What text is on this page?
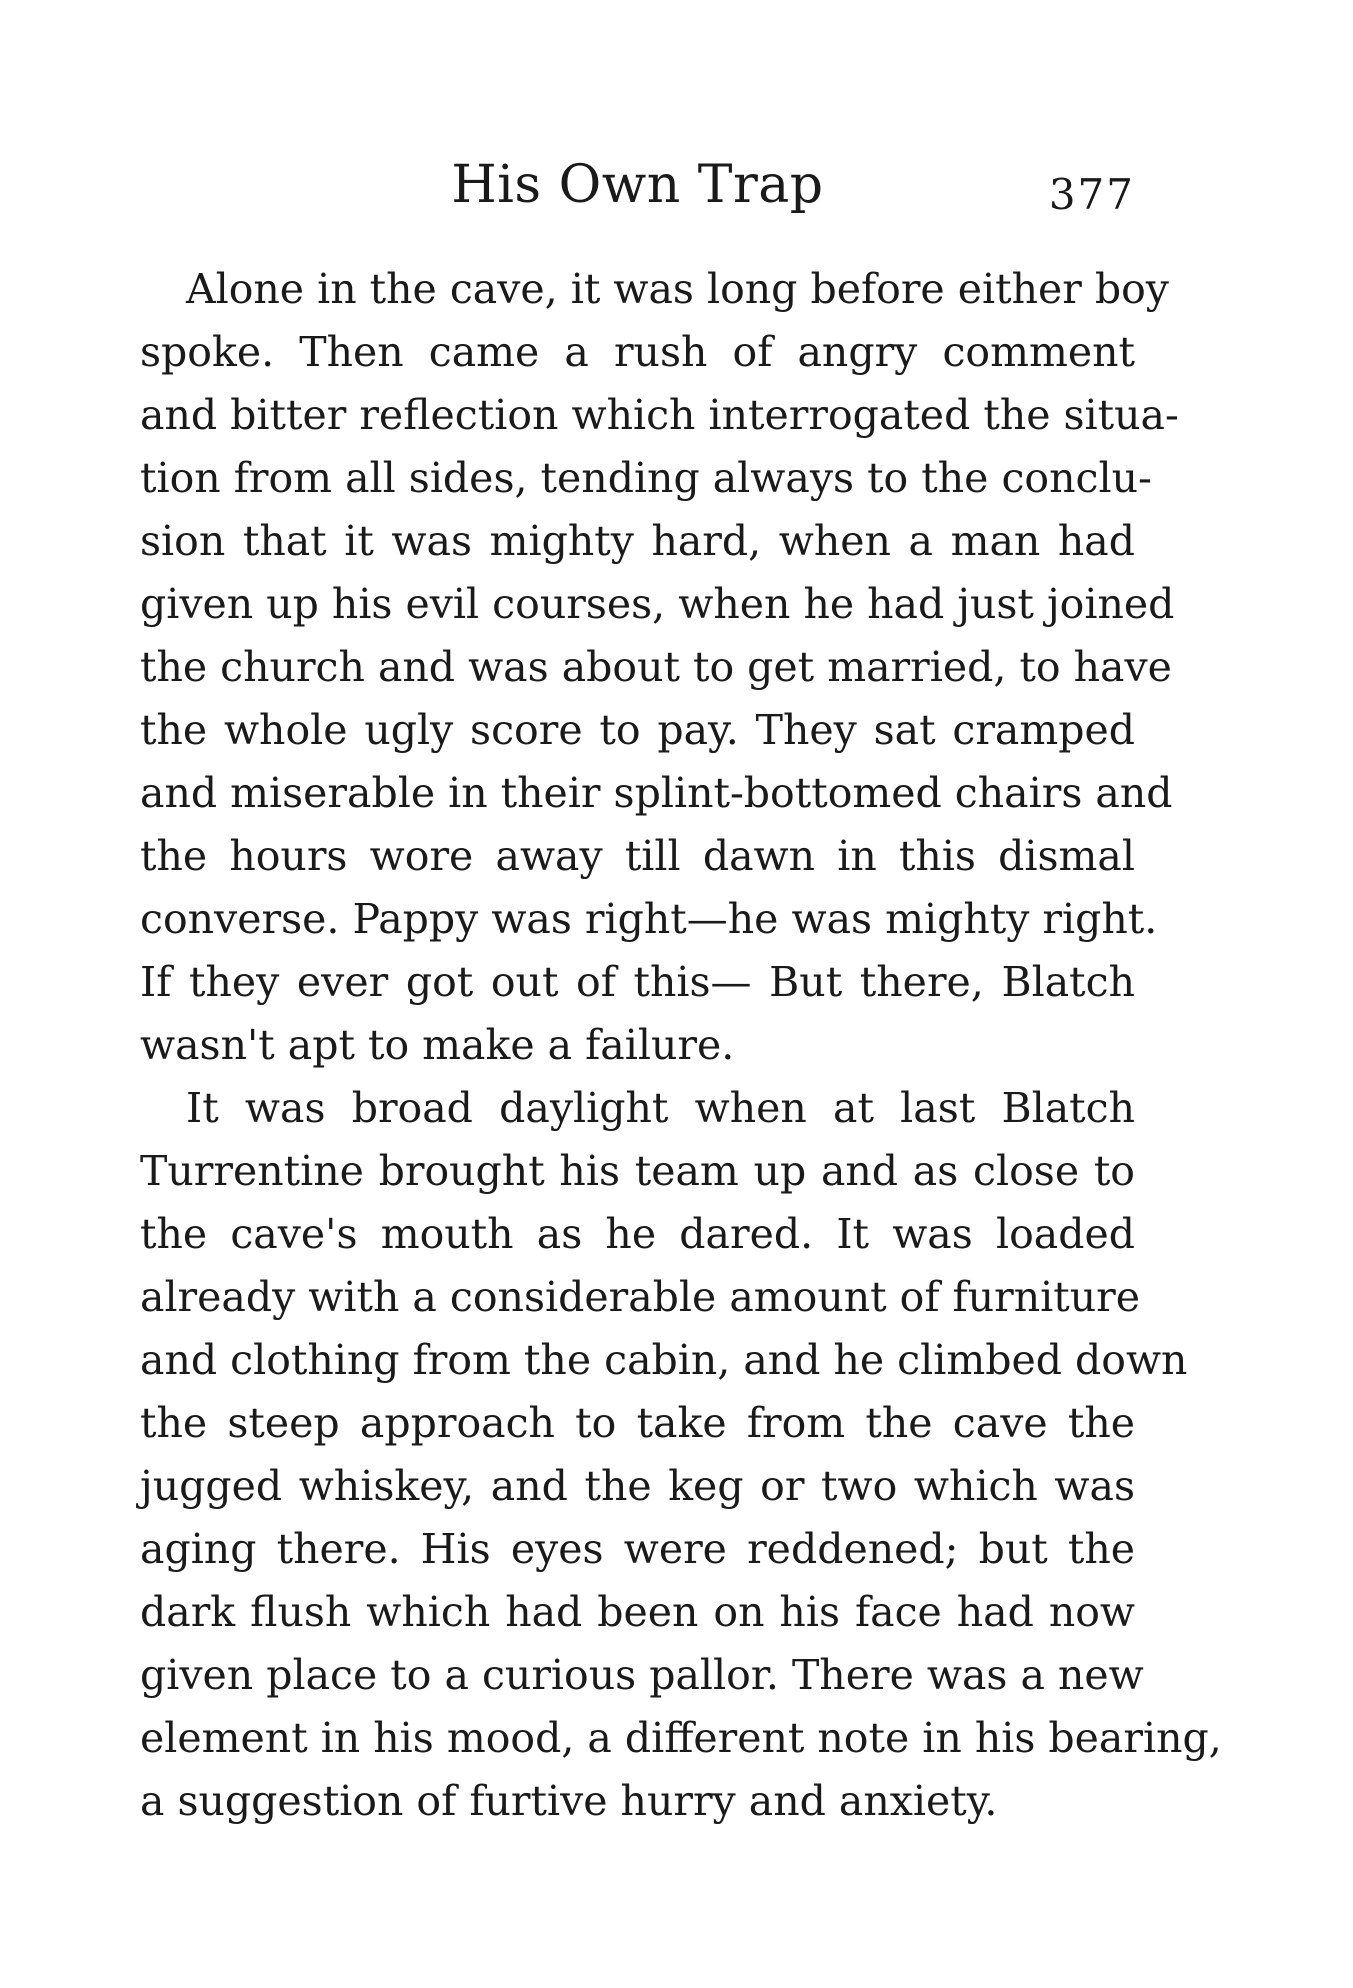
His Own Trap	377
Alone in the cave, it was long before either boy
spoke. Then came a rush of angry comment
and bitter reflection which interrogated the situa-
tion from all sides, tending always to the conclu-
sion that it was mighty hard, when a man had
given up his evil courses, when he had just joined
the church and was about to get married, to have
the whole ugly score to pay. They sat cramped
and miserable in their splint-bottomed chairs and
the hours wore away till dawn in this dismal
converse. Pappy was right—he was mighty right.
If they ever got out of this— But there, Blatch
wasn't apt to make a failure.
It was broad daylight when at last Blatch
Turrentine brought his team up and as close to
the cave's mouth as he dared. It was loaded
already with a considerable amount of furniture
and clothing from the cabin, and he climbed down
the steep approach to take from the cave the
jugged whiskey, and the keg or two which was
aging there. His eyes were reddened; but the
dark flush which had been on his face had now
given place to a curious pallor. There was a new
element in his mood, a different note in his bearing,
a suggestion of furtive hurry and anxiety.
